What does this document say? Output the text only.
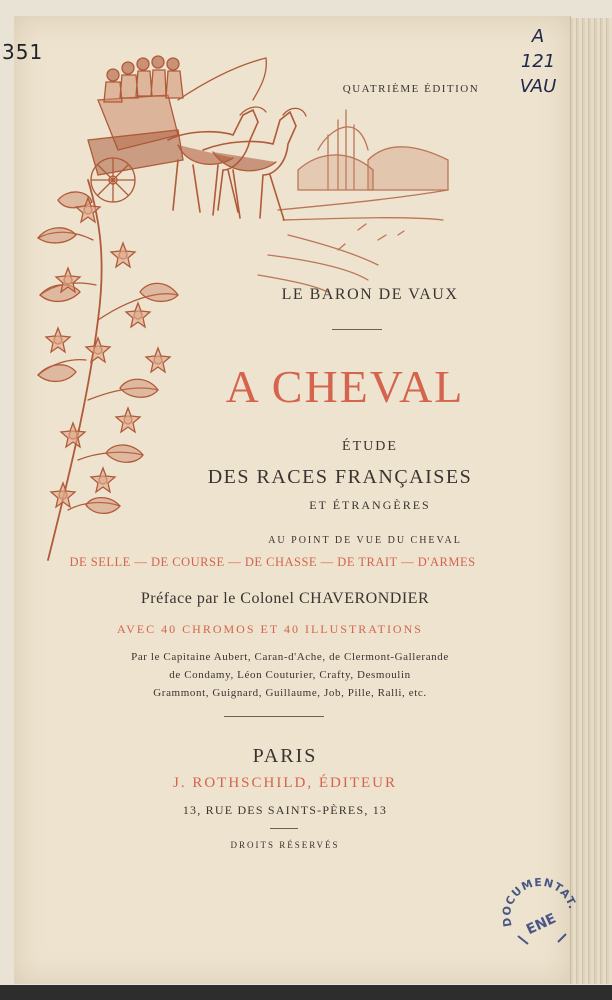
351
A
121
VAU
QUATRIÈME ÉDITION
LE BARON DE VAUX
A CHEVAL
ÉTUDE
DES RACES FRANÇAISES
ET ÉTRANGÈRES
AU POINT DE VUE DU CHEVAL
DE SELLE — DE COURSE — DE CHASSE — DE TRAIT — D'ARMES
Préface par le Colonel CHAVERONDIER
AVEC 40 CHROMOS ET 40 ILLUSTRATIONS
Par le Capitaine Aubert, Caran-d'Ache, de Clermont-Gallerande
de Condamy, Léon Couturier, Crafty, Desmoulin
Grammont, Guignard, Guillaume, Job, Pille, Ralli, etc.
PARIS
J. ROTHSCHILD, ÉDITEUR
13, RUE DES SAINTS-PÈRES, 13
DROITS RÉSERVÉS
DOCUMENTAT.
ENE
